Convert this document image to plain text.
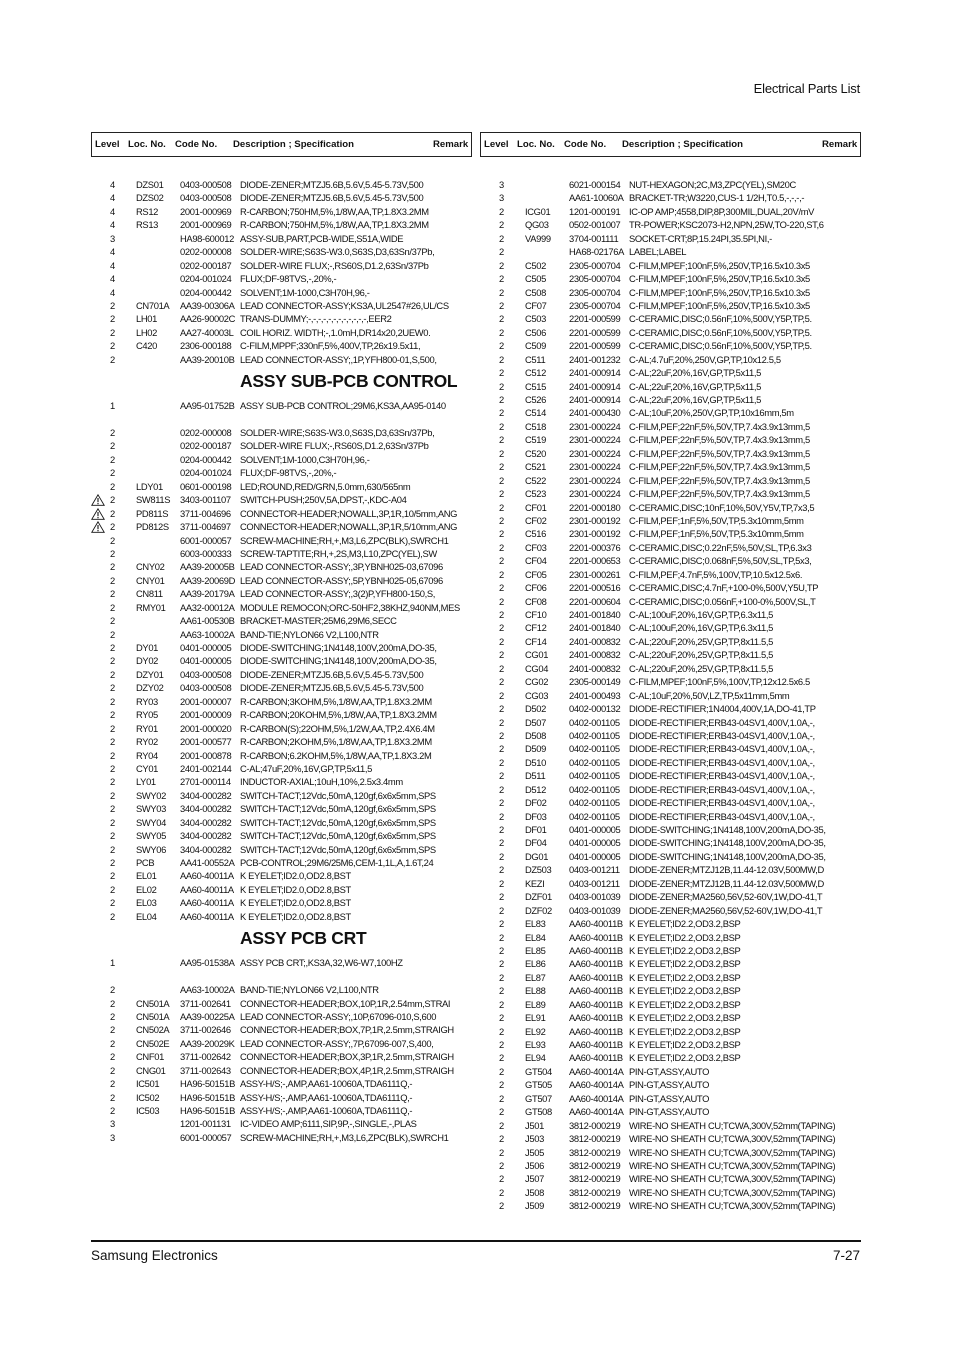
Electrical Parts List
Level Loc. No. Code No. Description ; Specification	Remark Level Loc. No. Code No. Description ; Specification	Remark
4 DZS01 0403-000508 DIODE-ZENER;MTZJ5.6B,5.6V,5.45-5.73V,500
4 DZS02 0403-000508 DIODE-ZENER;MTZJ5.6B,5.6V,5.45-5.73V,500
4 RS12 2001-000969 R-CARBON;750HM,5%,1/8W,AA,TP,1.8X3.2MM
4 RS13 2001-000969 R-CARBON;750HM,5%,1/8W,AA,TP,1.8X3.2MM
3	HA98-600012 ASSY-SUB,PART,PCB-WIDE,S51A,WIDE
4	0202-000008 SOLDER-WIRE;S63S-W3.0,S63S,D3,63Sn/37Pb,
4	0202-000187 SOLDER-WIRE FLUX;-,RS60S,D1.2,63Sn/37Pb
4	0204-001024 FLUX;DF-98TVS,-,20%,-
4	0204-000442 SOLVENT;1M-1000,C3H70H,96,-
2 CN701A AA39-00306A LEAD CONNECTOR-ASSY;KS3A,UL2547#26,UL/CS
2 LH01 AA26-90002C TRANS-DUMMY;-,-,-,-,-,-,-,-,-,-,-,-,EER2
2 LH02 AA27-40003L COIL HORIZ. WIDTH;-,1.0mH,DR14x20,2UEW0.
2 C420 2306-000188 C-FILM,MPPF;330nF,5%,400V,TP,26x19.5x11,
2	AA39-20010B LEAD CONNECTOR-ASSY;,1P,YFH800-01,S,500,
ASSY SUB-PCB CONTROL
1	AA95-01752B ASSY SUB-PCB CONTROL;29M6,KS3A,AA95-0140
2	0202-000008 SOLDER-WIRE;S63S-W3.0,S63S,D3,63Sn/37Pb,
2	0202-000187 SOLDER-WIRE FLUX;-,RS60S,D1.2,63Sn/37Pb
2	0204-000442 SOLVENT;1M-1000,C3H70H,96,-
2	0204-001024 FLUX;DF-98TVS,-,20%,-
2 LDY01 0601-000198 LED;ROUND,RED/GRN,5.0mm,630/565nm
2 SW811S 3403-001107 SWITCH-PUSH;250V,5A,DPST,-,KDC-A04
2 PD811S 3711-004696 CONNECTOR-HEADER;NOWALL,3P,1R,10/5mm,ANG
2 PD812S 3711-004697 CONNECTOR-HEADER;NOWALL,3P,1R,5/10mm,ANG
2	6001-000057 SCREW-MACHINE;RH,+,M3,L6,ZPC(BLK),SWRCH1
2	6003-000333 SCREW-TAPTITE;RH,+,2S,M3,L10,ZPC(YEL),SW
2 CNY02 AA39-20005B LEAD CONNECTOR-ASSY;,3P,YBNH025-03,67096
2 CNY01 AA39-20069D LEAD CONNECTOR-ASSY;,5P,YBNH025-05,67096
2 CN811 AA39-20179A LEAD CONNECTOR-ASSY;,3(2)P,YFH800-150,S,
2 RMY01 AA32-00012A MODULE REMOCON;ORC-50HF2,38KHZ,940NM,MES
2	AA61-00530B BRACKET-MASTER;25M6,29M6,SECC
2	AA63-10002A BAND-TIE;NYLON66 V2,L100,NTR
2 DY01 0401-000005 DIODE-SWITCHING;1N4148,100V,200mA,DO-35,
2 DY02 0401-000005 DIODE-SWITCHING;1N4148,100V,200mA,DO-35,
2 DZY01 0403-000508 DIODE-ZENER;MTZJ5.6B,5.6V,5.45-5.73V,500
2 DZY02 0403-000508 DIODE-ZENER;MTZJ5.6B,5.6V,5.45-5.73V,500
2 RY03 2001-000007 R-CARBON;3KOHM,5%,1/8W,AA,TP,1.8X3.2MM
2 RY05 2001-000009 R-CARBON;20KOHM,5%,1/8W,AA,TP,1.8X3.2MM
2 RY01 2001-000020 R-CARBON(S);22OHM,5%,1/2W,AA,TP,2.4X6.4M
2 RY02 2001-000577 R-CARBON;2KOHM,5%,1/8W,AA,TP,1.8X3.2MM
2 RY04 2001-000878 R-CARBON;6.2KOHM,5%,1/8W,AA,TP,1.8X3.2M
2 CY01 2401-002144 C-AL;47uF,20%,16V,GP,TP,5x11,5
2 LY01	2701-000114 INDUCTOR-AXIAL;10uH,10%,2.5x3.4mm
2 SWY02 3404-000282 SWITCH-TACT;12Vdc,50mA,120gf,6x6x5mm,SPS
2 SWY03 3404-000282 SWITCH-TACT;12Vdc,50mA,120gf,6x6x5mm,SPS
2 SWY04 3404-000282 SWITCH-TACT;12Vdc,50mA,120gf,6x6x5mm,SPS
2 SWY05 3404-000282 SWITCH-TACT;12Vdc,50mA,120gf,6x6x5mm,SPS
2 SWY06 3404-000282 SWITCH-TACT;12Vdc,50mA,120gf,6x6x5mm,SPS
2 PCB	AA41-00552A PCB-CONTROL;29M6/25M6,CEM-1,1L,A,1.6T,24
2 EL01	AA60-40011A K EYELET;ID2.0,OD2.8,BST
2 EL02	AA60-40011A K EYELET;ID2.0,OD2.8,BST
2 EL03	AA60-40011A K EYELET;ID2.0,OD2.8,BST
2 EL04	AA60-40011A K EYELET;ID2.0,OD2.8,BST
ASSY PCB CRT
1	AA95-01538A ASSY PCB CRT;,KS3A,32,W6-W7,100HZ
2	AA63-10002A BAND-TIE;NYLON66 V2,L100,NTR
2 CN501A 3711-002641 CONNECTOR-HEADER;BOX,10P,1R,2.54mm,STRAI
2 CN501A AA39-00225A LEAD CONNECTOR-ASSY;,10P,67096-010,S,600
2 CN502A 3711-002646 CONNECTOR-HEADER;BOX,7P,1R,2.5mm,STRAIGH
2 CN502E AA39-20029K LEAD CONNECTOR-ASSY;,7P,67096-007,S,400,
2 CNF01 3711-002642 CONNECTOR-HEADER;BOX,3P,1R,2.5mm,STRAIGH
2 CNG01 3711-002643 CONNECTOR-HEADER;BOX,4P,1R,2.5mm,STRAIGH
2 IC501 HA96-50151B ASSY-H/S;-,AMP,AA61-10060A,TDA6111Q,-
2 IC502 HA96-50151B ASSY-H/S;-,AMP,AA61-10060A,TDA6111Q,-
2 IC503 HA96-50151B ASSY-H/S;-,AMP,AA61-10060A,TDA6111Q,-
3	1201-001131 IC-VIDEO AMP;6111,SIP,9P,-,SINGLE,-,PLAS
3	6001-000057 SCREW-MACHINE;RH,+,M3,L6,ZPC(BLK),SWRCH1
3	6021-000154 NUT-HEXAGON;2C,M3,ZPC(YEL),SM20C
3	AA61-10060A BRACKET-TR;W3220,CUS-1 1/2H,T0.5,-,-,-,-
2 ICG01 1201-000191 IC-OP AMP;4558,DIP,8P,300MIL,DUAL,20V/mV
2 QG03 0502-001007 TR-POWER;KSC2073-H2,NPN,25W,TO-220,ST,6
2 VA999 3704-001111 SOCKET-CRT;8P,15.24PI,35.5PI,NI,-
2	HA68-02176A LABEL;LABEL
2 C502 2305-000704 C-FILM,MPEF;100nF,5%,250V,TP,16.5x10.3x5
2 C505 2305-000704 C-FILM,MPEF;100nF,5%,250V,TP,16.5x10.3x5
2 C508 2305-000704 C-FILM,MPEF;100nF,5%,250V,TP,16.5x10.3x5
2 CF07 2305-000704 C-FILM,MPEF;100nF,5%,250V,TP,16.5x10.3x5
2 C503 2201-000599 C-CERAMIC,DISC;0.56nF,10%,500V,Y5P,TP,5.
2 C506 2201-000599 C-CERAMIC,DISC;0.56nF,10%,500V,Y5P,TP,5.
2 C509 2201-000599 C-CERAMIC,DISC;0.56nF,10%,500V,Y5P,TP,5.
2 C511	2401-001232 C-AL;4.7uF,20%,250V,GP,TP,10x12.5,5
2 C512 2401-000914 C-AL;22uF,20%,16V,GP,TP,5x11,5
2 C515 2401-000914 C-AL;22uF,20%,16V,GP,TP,5x11,5
2 C526 2401-000914 C-AL;22uF,20%,16V,GP,TP,5x11,5
2 C514 2401-000430 C-AL;10uF,20%,250V,GP,TP,10x16mm,5m
2 C518 2301-000224 C-FILM,PEF;22nF,5%,50V,TP,7.4x3.9x13mm,5
2 C519 2301-000224 C-FILM,PEF;22nF,5%,50V,TP,7.4x3.9x13mm,5
2 C520 2301-000224 C-FILM,PEF;22nF,5%,50V,TP,7.4x3.9x13mm,5
2 C521 2301-000224 C-FILM,PEF;22nF,5%,50V,TP,7.4x3.9x13mm,5
2 C522 2301-000224 C-FILM,PEF;22nF,5%,50V,TP,7.4x3.9x13mm,5
2 C523 2301-000224 C-FILM,PEF;22nF,5%,50V,TP,7.4x3.9x13mm,5
2 CF01 2201-000180 C-CERAMIC,DISC;10nF,10%,50V,Y5V,TP,7x3,5
2 CF02 2301-000192 C-FILM,PEF;1nF,5%,50V,TP,5.3x10mm,5mm
2 C516 2301-000192 C-FILM,PEF;1nF,5%,50V,TP,5.3x10mm,5mm
2 CF03 2201-000376 C-CERAMIC,DISC;0.22nF,5%,50V,SL,TP,6.3x3
2 CF04 2201-000653 C-CERAMIC,DISC;0.068nF,5%,50V,SL,TP,5x3,
2 CF05 2301-000261 C-FILM,PEF;4.7nF,5%,100V,TP,10.5x12.5x6.
2 CF06 2201-000516 C-CERAMIC,DISC;4.7nF,+100-0%,500V,Y5U,TP
2 CF08 2201-000604 C-CERAMIC,DISC;0.056nF,+100-0%,500V,SL,T
2 CF10 2401-001840 C-AL;100uF,20%,16V,GP,TP,6.3x11,5
2 CF12 2401-001840 C-AL;100uF,20%,16V,GP,TP,6.3x11,5
2 CF14 2401-000832 C-AL;220uF,20%,25V,GP,TP,8x11.5,5
2 CG01 2401-000832 C-AL;220uF,20%,25V,GP,TP,8x11.5,5
2 CG04 2401-000832 C-AL;220uF,20%,25V,GP,TP,8x11.5,5
2 CG02 2305-000149 C-FILM,MPEF;100nF,5%,100V,TP,12x12.5x6.5
2 CG03 2401-000493 C-AL;10uF,20%,50V,LZ,TP,5x11mm,5mm
2 D502 0402-000132 DIODE-RECTIFIER;1N4004,400V,1A,DO-41,TP
2 D507 0402-001105 DIODE-RECTIFIER;ERB43-04SV1,400V,1.0A,-,
2 D508 0402-001105 DIODE-RECTIFIER;ERB43-04SV1,400V,1.0A,-,
2 D509 0402-001105 DIODE-RECTIFIER;ERB43-04SV1,400V,1.0A,-,
2 D510 0402-001105 DIODE-RECTIFIER;ERB43-04SV1,400V,1.0A,-,
2 D511	0402-001105 DIODE-RECTIFIER;ERB43-04SV1,400V,1.0A,-,
2 D512 0402-001105 DIODE-RECTIFIER;ERB43-04SV1,400V,1.0A,-,
2 DF02 0402-001105 DIODE-RECTIFIER;ERB43-04SV1,400V,1.0A,-,
2 DF03 0402-001105 DIODE-RECTIFIER;ERB43-04SV1,400V,1.0A,-,
2 DF01 0401-000005 DIODE-SWITCHING;1N4148,100V,200mA,DO-35,
2 DF04 0401-000005 DIODE-SWITCHING;1N4148,100V,200mA,DO-35,
2 DG01 0401-000005 DIODE-SWITCHING;1N4148,100V,200mA,DO-35,
2 DZ503 0403-001211 DIODE-ZENER;MTZJ12B,11.44-12.03V,500MW,D
2 KEZI	0403-001211 DIODE-ZENER;MTZJ12B,11.44-12.03V,500MW,D
2 DZF01 0403-001039 DIODE-ZENER;MA2560,56V,52-60V,1W,DO-41,T
2 DZF02 0403-001039 DIODE-ZENER;MA2560,56V,52-60V,1W,DO-41,T
2 EL83	AA60-40011B K EYELET;ID2.2,OD3.2,BSP
2 EL84	AA60-40011B K EYELET;ID2.2,OD3.2,BSP
2 EL85	AA60-40011B K EYELET;ID2.2,OD3.2,BSP
2 EL86	AA60-40011B K EYELET;ID2.2,OD3.2,BSP
2 EL87	AA60-40011B K EYELET;ID2.2,OD3.2,BSP
2 EL88	AA60-40011B K EYELET;ID2.2,OD3.2,BSP
2 EL89	AA60-40011B K EYELET;ID2.2,OD3.2,BSP
2 EL91	AA60-40011B K EYELET;ID2.2,OD3.2,BSP
2 EL92	AA60-40011B K EYELET;ID2.2,OD3.2,BSP
2 EL93	AA60-40011B K EYELET;ID2.2,OD3.2,BSP
2 EL94	AA60-40011B K EYELET;ID2.2,OD3.2,BSP
2 GT504 AA60-40014A PIN-GT,ASSY,AUTO
2 GT505 AA60-40014A PIN-GT,ASSY,AUTO
2 GT507 AA60-40014A PIN-GT,ASSY,AUTO
2 GT508 AA60-40014A PIN-GT,ASSY,AUTO
2 J501	3812-000219 WIRE-NO SHEATH CU;TCWA,300V,52mm(TAPING)
2 J503	3812-000219 WIRE-NO SHEATH CU;TCWA,300V,52mm(TAPING)
2 J505	3812-000219 WIRE-NO SHEATH CU;TCWA,300V,52mm(TAPING)
2 J506	3812-000219 WIRE-NO SHEATH CU;TCWA,300V,52mm(TAPING)
2 J507	3812-000219 WIRE-NO SHEATH CU;TCWA,300V,52mm(TAPING)
2 J508	3812-000219 WIRE-NO SHEATH CU;TCWA,300V,52mm(TAPING)
2 J509	3812-000219 WIRE-NO SHEATH CU;TCWA,300V,52mm(TAPING)
Samsung Electronics	7-27
